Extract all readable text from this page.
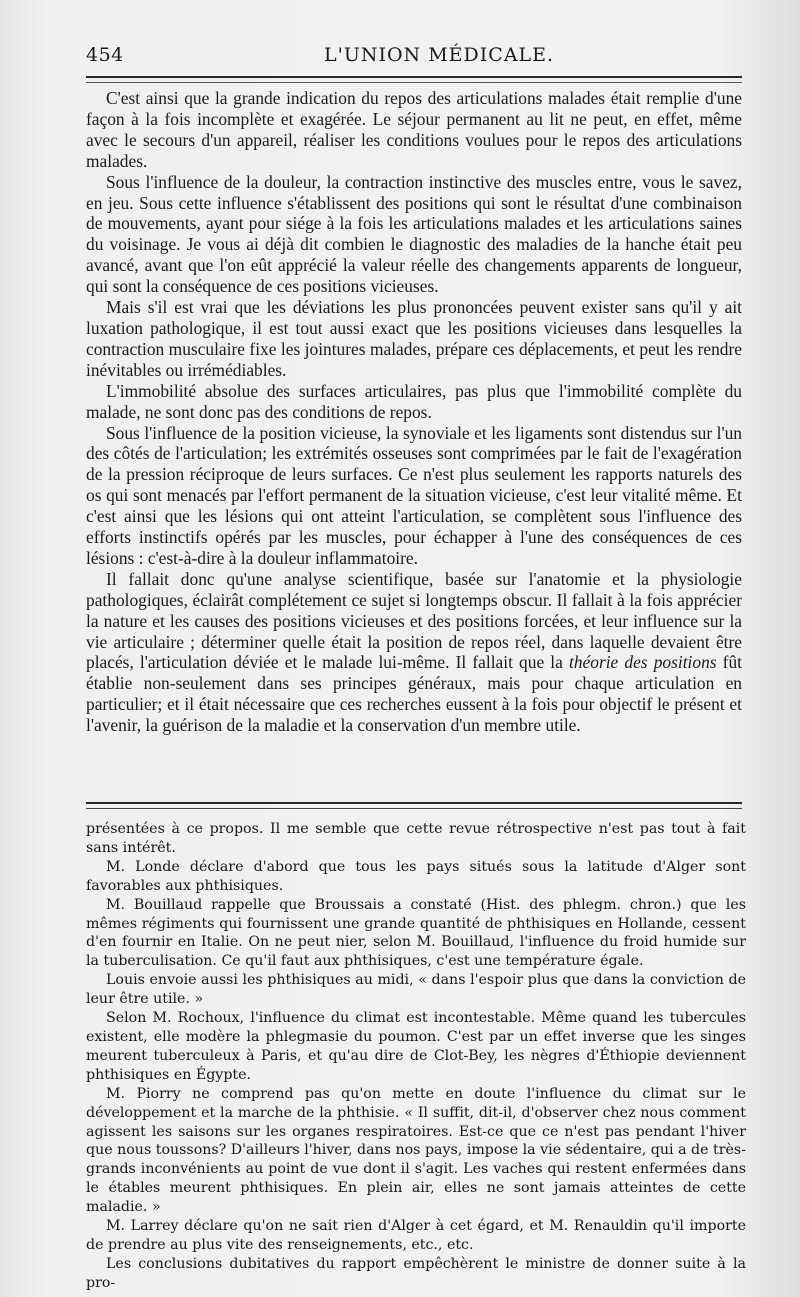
454	L'UNION MÉDICALE.

C'est ainsi que la grande indication du repos des articulations malades était remplie d'une façon à la fois incomplète et exagérée. Le séjour permanent au lit ne peut, en effet, même avec le secours d'un appareil, réaliser les conditions voulues pour le repos des articulations malades.

Sous l'influence de la douleur, la contraction instinctive des muscles entre, vous le savez, en jeu. Sous cette influence s'établissent des positions qui sont le résultat d'une combinaison de mouvements, ayant pour siége à la fois les articulations malades et les articulations saines du voisinage. Je vous ai déjà dit combien le diagnostic des maladies de la hanche était peu avancé, avant que l'on eût apprécié la valeur réelle des changements apparents de longueur, qui sont la conséquence de ces positions vicieuses.

Mais s'il est vrai que les déviations les plus prononcées peuvent exister sans qu'il y ait luxation pathologique, il est tout aussi exact que les positions vicieuses dans lesquelles la contraction musculaire fixe les jointures malades, prépare ces déplacements, et peut les rendre inévitables ou irrémédiables.

L'immobilité absolue des surfaces articulaires, pas plus que l'immobilité complète du malade, ne sont donc pas des conditions de repos.

Sous l'influence de la position vicieuse, la synoviale et les ligaments sont distendus sur l'un des côtés de l'articulation; les extrémités osseuses sont comprimées par le fait de l'exagération de la pression réciproque de leurs surfaces. Ce n'est plus seulement les rapports naturels des os qui sont menacés par l'effort permanent de la situation vicieuse, c'est leur vitalité même. Et c'est ainsi que les lésions qui ont atteint l'articulation, se complètent sous l'influence des efforts instinctifs opérés par les muscles, pour échapper à l'une des conséquences de ces lésions : c'est-à-dire à la douleur inflammatoire.

Il fallait donc qu'une analyse scientifique, basée sur l'anatomie et la physiologie pathologiques, éclairât complétement ce sujet si longtemps obscur. Il fallait à la fois apprécier la nature et les causes des positions vicieuses et des positions forcées, et leur influence sur la vie articulaire ; déterminer quelle était la position de repos réel, dans laquelle devaient être placés, l'articulation déviée et le malade lui-même. Il fallait que la théorie des positions fût établie non-seulement dans ses principes généraux, mais pour chaque articulation en particulier; et il était nécessaire que ces recherches eussent à la fois pour objectif le présent et l'avenir, la guérison de la maladie et la conservation d'un membre utile.

présentées à ce propos. Il me semble que cette revue rétrospective n'est pas tout à fait sans intérêt.

M. Londe déclare d'abord que tous les pays situés sous la latitude d'Alger sont favorables aux phthisiques.

M. Bouillaud rappelle que Broussais a constaté (Hist. des phlegm. chron.) que les mêmes régiments qui fournissent une grande quantité de phthisiques en Hollande, cessent d'en fournir en Italie. On ne peut nier, selon M. Bouillaud, l'influence du froid humide sur la tuberculisation. Ce qu'il faut aux phthisiques, c'est une température égale.

Louis envoie aussi les phthisiques au midi, « dans l'espoir plus que dans la conviction de leur être utile. »

Selon M. Rochoux, l'influence du climat est incontestable. Même quand les tubercules existent, elle modère la phlegmasie du poumon. C'est par un effet inverse que les singes meurent tuberculeux à Paris, et qu'au dire de Clot-Bey, les nègres d'Éthiopie deviennent phthisiques en Égypte.

M. Piorry ne comprend pas qu'on mette en doute l'influence du climat sur le développement et la marche de la phthisie. « Il suffit, dit-il, d'observer chez nous comment agissent les saisons sur les organes respiratoires. Est-ce que ce n'est pas pendant l'hiver que nous toussons? D'ailleurs l'hiver, dans nos pays, impose la vie sédentaire, qui a de très-grands inconvénients au point de vue dont il s'agit. Les vaches qui restent enfermées dans le étables meurent phthisiques. En plein air, elles ne sont jamais atteintes de cette maladie. »

M. Larrey déclare qu'on ne sait rien d'Alger à cet égard, et M. Renauldin qu'il importe de prendre au plus vite des renseignements, etc., etc.

Les conclusions dubitatives du rapport empêchèrent le ministre de donner suite à la pro-
